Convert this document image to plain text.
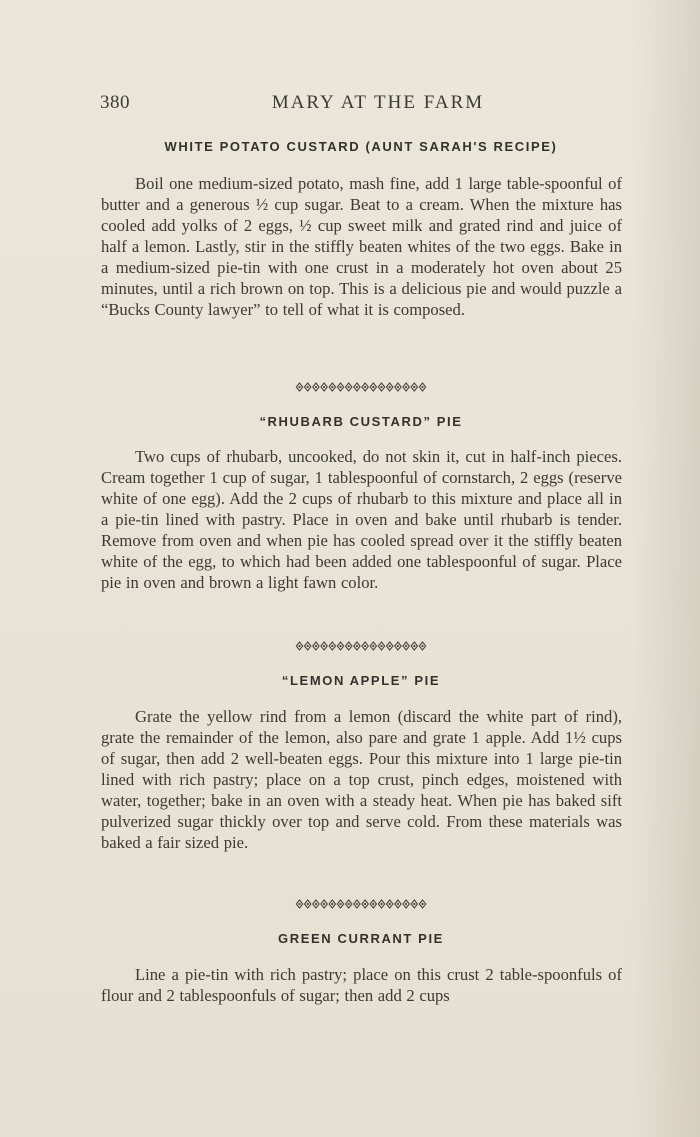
380	MARY AT THE FARM
WHITE POTATO CUSTARD (AUNT SARAH'S RECIPE)

Boil one medium-sized potato, mash fine, add 1 large table-spoonful of butter and a generous ½ cup sugar. Beat to a cream. When the mixture has cooled add yolks of 2 eggs, ½ cup sweet milk and grated rind and juice of half a lemon. Lastly, stir in the stiffly beaten whites of the two eggs. Bake in a medium-sized pie-tin with one crust in a moderately hot oven about 25 minutes, until a rich brown on top. This is a delicious pie and would puzzle a “Bucks County lawyer” to tell of what it is composed.

“RHUBARB CUSTARD” PIE

Two cups of rhubarb, uncooked, do not skin it, cut in half-inch pieces. Cream together 1 cup of sugar, 1 tablespoonful of cornstarch, 2 eggs (reserve white of one egg). Add the 2 cups of rhubarb to this mixture and place all in a pie-tin lined with pastry. Place in oven and bake until rhubarb is tender. Remove from oven and when pie has cooled spread over it the stiffly beaten white of the egg, to which had been added one tablespoonful of sugar. Place pie in oven and brown a light fawn color.

“LEMON APPLE” PIE

Grate the yellow rind from a lemon (discard the white part of rind), grate the remainder of the lemon, also pare and grate 1 apple. Add 1½ cups of sugar, then add 2 well-beaten eggs. Pour this mixture into 1 large pie-tin lined with rich pastry; place on a top crust, pinch edges, moistened with water, together; bake in an oven with a steady heat. When pie has baked sift pulverized sugar thickly over top and serve cold. From these materials was baked a fair sized pie.

GREEN CURRANT PIE

Line a pie-tin with rich pastry; place on this crust 2 table-spoonfuls of flour and 2 tablespoonfuls of sugar; then add 2 cups
